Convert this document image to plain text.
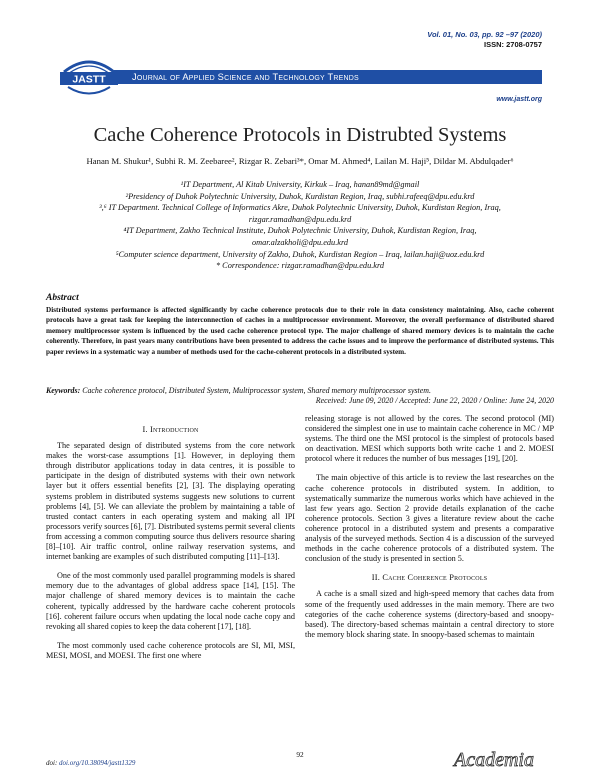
JASTT
Vol. 01, No. 03, pp. 92 –97 (2020)
ISSN: 2708-0757
Journal of Applied Science and Technology Trends
www.jastt.org
Cache Coherence Protocols in Distrubted Systems
Hanan M. Shukur¹, Subhi R. M. Zeebaree², Rizgar R. Zebari³*, Omar M. Ahmed⁴, Lailan M. Haji⁵, Dildar M. Abdulqader⁶
¹IT Department, Al Kitab University, Kirkuk – Iraq, hanan89md@gmail
²Presidency of Duhok Polytechnic University, Duhok, Kurdistan Region, Iraq, subhi.rafeeq@dpu.edu.krd
³,⁶ IT Department. Technical College of Informatics Akre, Duhok Polytechnic University, Duhok, Kurdistan Region, Iraq,
rizgar.ramadhan@dpu.edu.krd
⁴IT Department, Zakho Technical Institute, Duhok Polytechnic University, Duhok, Kurdistan Region, Iraq,
omar.alzakholi@dpu.edu.krd
⁵Computer science department, University of Zakho, Duhok, Kurdistan Region – Iraq, lailan.haji@uoz.edu.krd
* Correspondence: rizgar.ramadhan@dpu.edu.krd
Abstract
Distributed systems performance is affected significantly by cache coherence protocols due to their role in data consistency maintaining. Also, cache coherent protocols have a great task for keeping the interconnection of caches in a multiprocessor environment. Moreover, the overall performance of distributed shared memory multiprocessor system is influenced by the used cache coherence protocol type. The major challenge of shared memory devices is to maintain the cache coherently. Therefore, in past years many contributions have been presented to address the cache issues and to improve the performance of distributed systems. This paper reviews in a systematic way a number of methods used for the cache-coherent protocols in a distributed system.
Keywords: Cache coherence protocol, Distributed System, Multiprocessor system, Shared memory multiprocessor system.
Received: June 09, 2020 / Accepted: June 22, 2020 / Online: June 24, 2020
I. Introduction

The separated design of distributed systems from the core network makes the worst-case assumptions [1]. However, in deploying them through distributor applications today in data centres, it is possible to participate in the design of distributed systems with their own network layer but it offers essential benefits [2], [3]. The displaying operating systems problem in distributed systems suggests new solutions to current problems [4], [5]. We can alleviate the problem by maintaining a table of trusted contact canters in each operating system and making all IPI processors verify sources [6], [7]. Distributed systems permit several clients from accessing a common computing source thus delivers resource sharing [8]–[10]. Air traffic control, online railway reservation systems, and internet banking are examples of such distributed computing [11]–[13].

One of the most commonly used parallel programming models is shared memory due to the advantages of global address space [14], [15]. The major challenge of shared memory devices is to maintain the cache coherent, typically addressed by the hardware cache coherent protocols [16]. coherent failure occurs when updating the local node cache copy and revoking all shared copies to keep the data coherent [17], [18].

The most commonly used cache coherence protocols are SI, MI, MSI, MESI, MOSI, and MOESI. The first one where

releasing storage is not allowed by the cores. The second protocol (MI) considered the simplest one in use to maintain cache coherence in MC / MP systems. The third one the MSI protocol is the simplest of protocols based on deactivation. MESI which supports both write cache 1 and 2. MOESI protocol where it reduces the number of bus messages [19], [20].

The main objective of this article is to review the last researches on the cache coherence protocols in distributed system. In addition, to systematically summarize the numerous works which have achieved in the last few years ago. Section 2 provide details explanation of the cache coherence protocols. Section 3 gives a literature review about the cache coherence protocol in a distributed system and presents a comparative analysis of the surveyed methods. Section 4 is a discussion of the surveyed methods in the cache coherence protocols of a distributed system. The conclusion of the study is presented in section 5.

II. Cache Coherence Protocols

A cache is a small sized and high-speed memory that caches data from some of the frequently used addresses in the main memory. There are two categories of the cache coherence systems (directory-based and snoopy-based). The directory-based schemas maintain a central directory to store the memory block sharing state. In snoopy-based schemas to maintain

92
doi: doi.org/10.38094/jastt1329	Academia
